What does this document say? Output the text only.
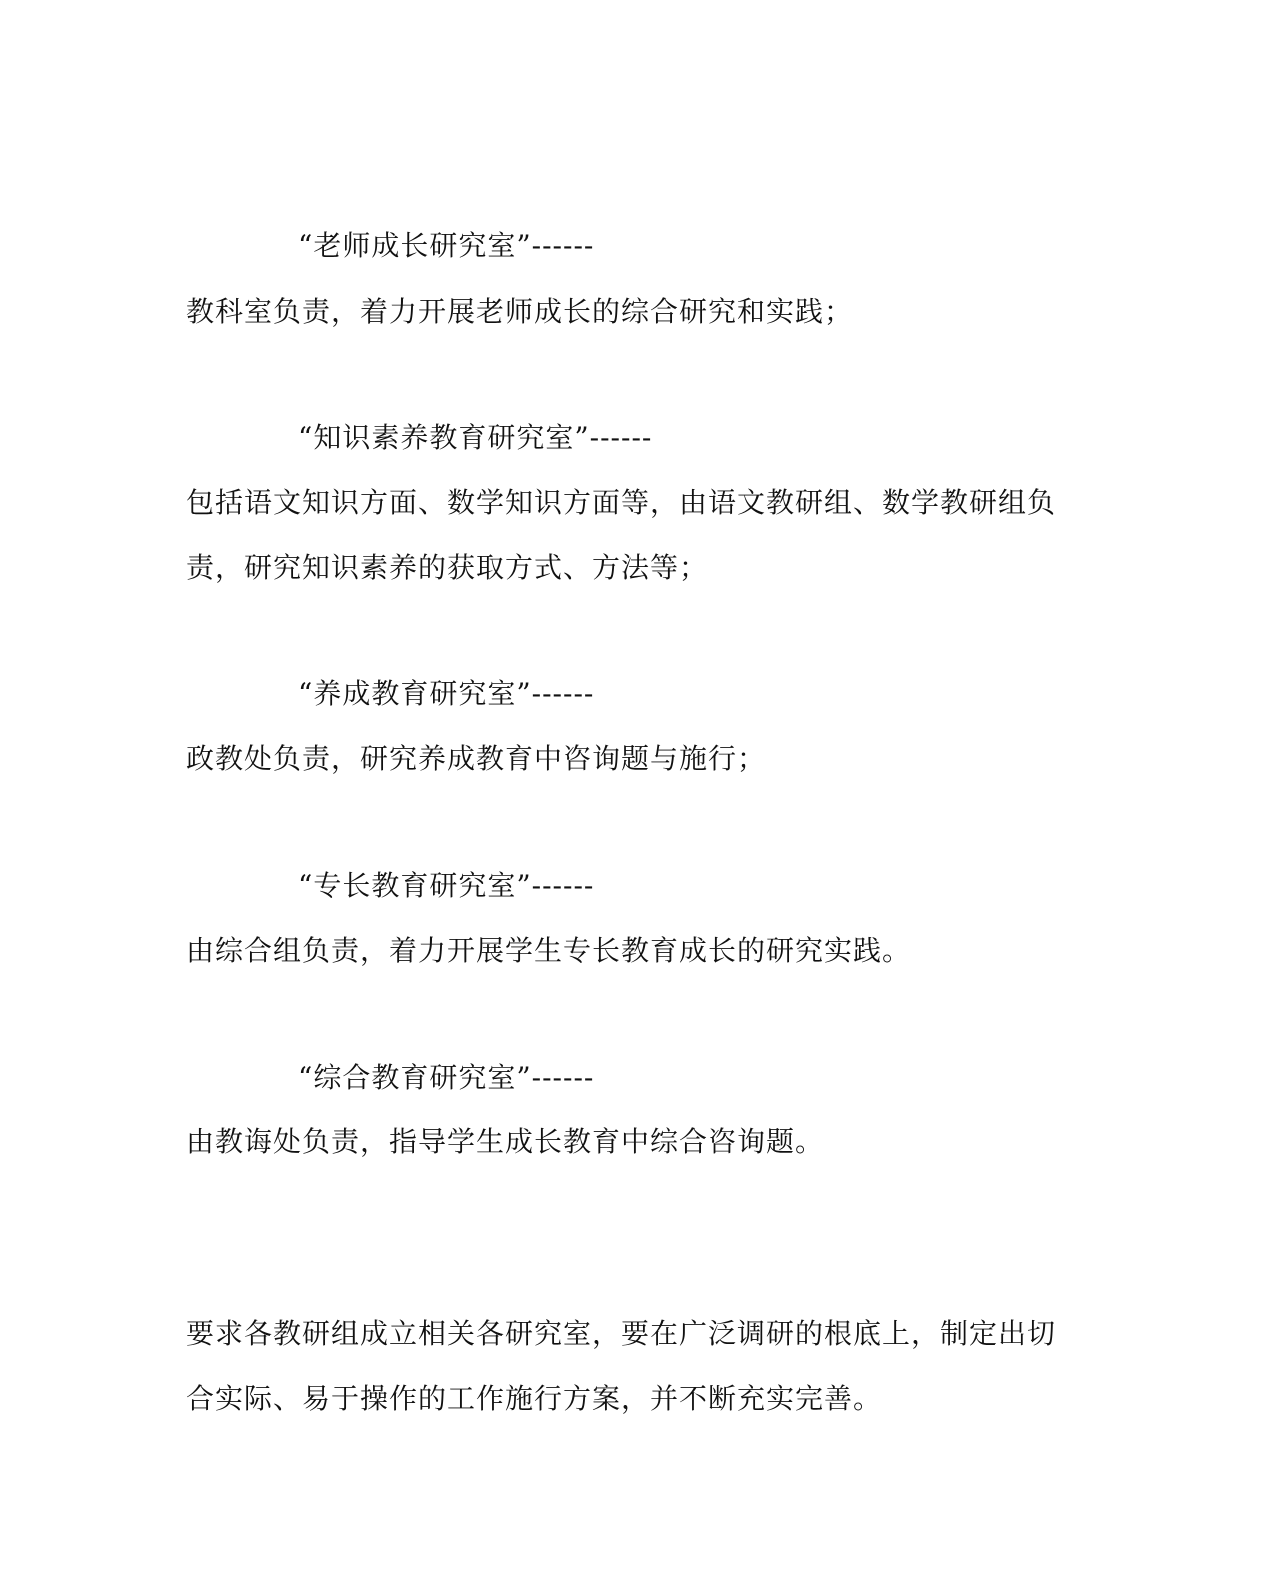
“老师成长研究室”------
教科室负责，着力开展老师成长的综合研究和实践；
“知识素养教育研究室”------
包括语文知识方面、数学知识方面等，由语文教研组、数学教研组负
责，研究知识素养的获取方式、方法等；
“养成教育研究室”------
政教处负责，研究养成教育中咨询题与施行；
“专长教育研究室”------
由综合组负责，着力开展学生专长教育成长的研究实践。
“综合教育研究室”------
由教诲处负责，指导学生成长教育中综合咨询题。
要求各教研组成立相关各研究室，要在广泛调研的根底上，制定出切
合实际、易于操作的工作施行方案，并不断充实完善。
